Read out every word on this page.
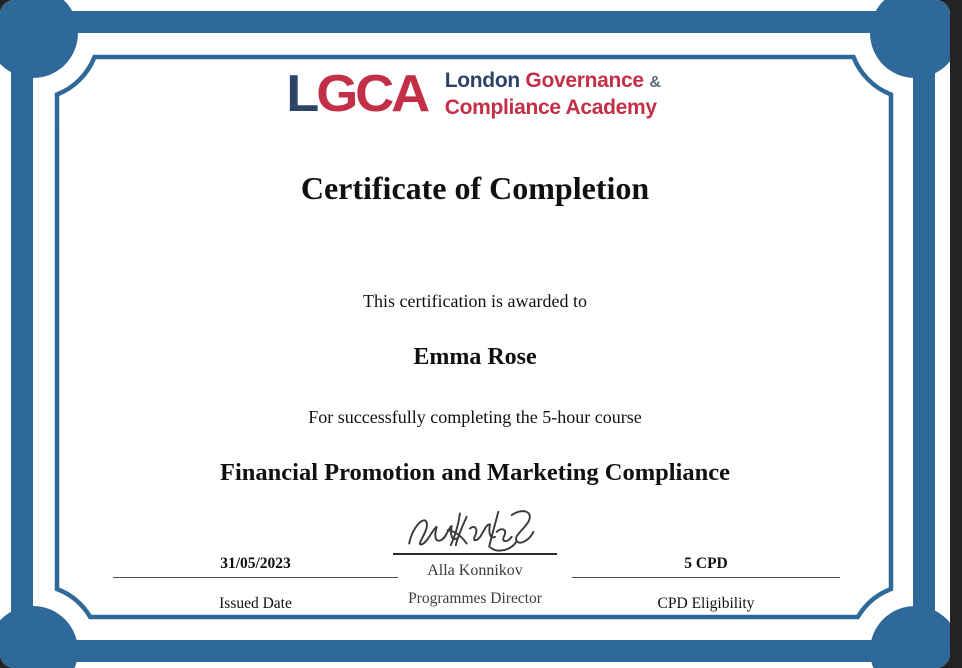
LGCA London Governance &
Compliance Academy
Certificate of Completion
This certification is awarded to
Emma Rose
For successfully completing the 5-hour course
Financial Promotion and Marketing Compliance
Alla Konnikov
Programmes Director
31/05/2023
Issued Date
5 CPD
CPD Eligibility
